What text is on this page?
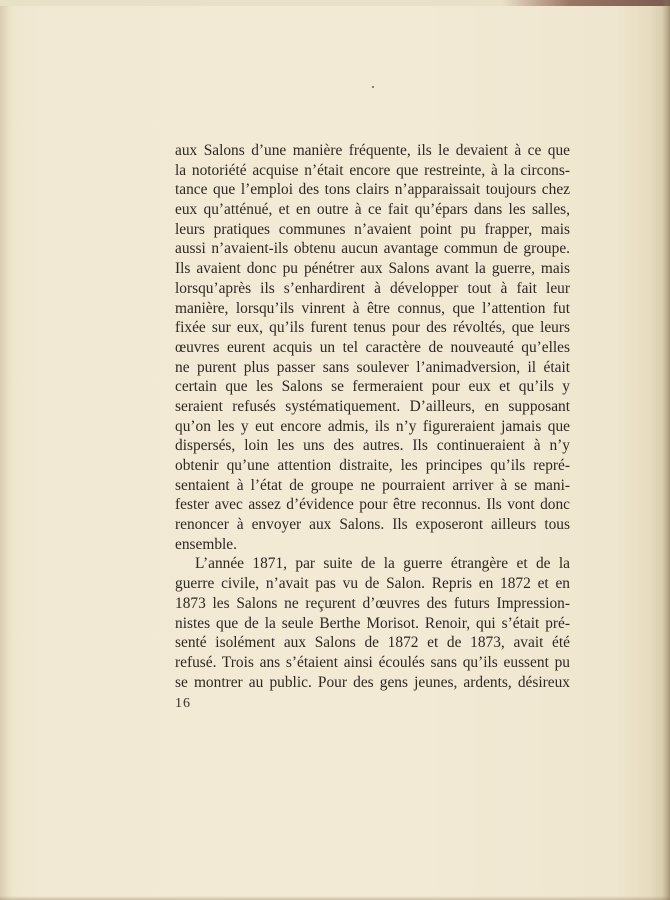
aux Salons d’une manière fréquente, ils le devaient à ce que
la notoriété acquise n’était encore que restreinte, à la circons-
tance que l’emploi des tons clairs n’apparaissait toujours chez
eux qu’atténué, et en outre à ce fait qu’épars dans les salles,
leurs pratiques communes n’avaient point pu frapper, mais
aussi n’avaient-ils obtenu aucun avantage commun de groupe.
Ils avaient donc pu pénétrer aux Salons avant la guerre, mais
lorsqu’après ils s’enhardirent à développer tout à fait leur
manière, lorsqu’ils vinrent à être connus, que l’attention fut
fixée sur eux, qu’ils furent tenus pour des révoltés, que leurs
œuvres eurent acquis un tel caractère de nouveauté qu’elles
ne purent plus passer sans soulever l’animadversion, il était
certain que les Salons se fermeraient pour eux et qu’ils y
seraient refusés systématiquement. D’ailleurs, en supposant
qu’on les y eut encore admis, ils n’y figureraient jamais que
dispersés, loin les uns des autres. Ils continueraient à n’y
obtenir qu’une attention distraite, les principes qu’ils repré-
sentaient à l’état de groupe ne pourraient arriver à se mani-
fester avec assez d’évidence pour être reconnus. Ils vont donc
renoncer à envoyer aux Salons. Ils exposeront ailleurs tous
ensemble.
L’année 1871, par suite de la guerre étrangère et de la
guerre civile, n’avait pas vu de Salon. Repris en 1872 et en
1873 les Salons ne reçurent d’œuvres des futurs Impression-
nistes que de la seule Berthe Morisot. Renoir, qui s’était pré-
senté isolément aux Salons de 1872 et de 1873, avait été
refusé. Trois ans s’étaient ainsi écoulés sans qu’ils eussent pu
se montrer au public. Pour des gens jeunes, ardents, désireux
16
